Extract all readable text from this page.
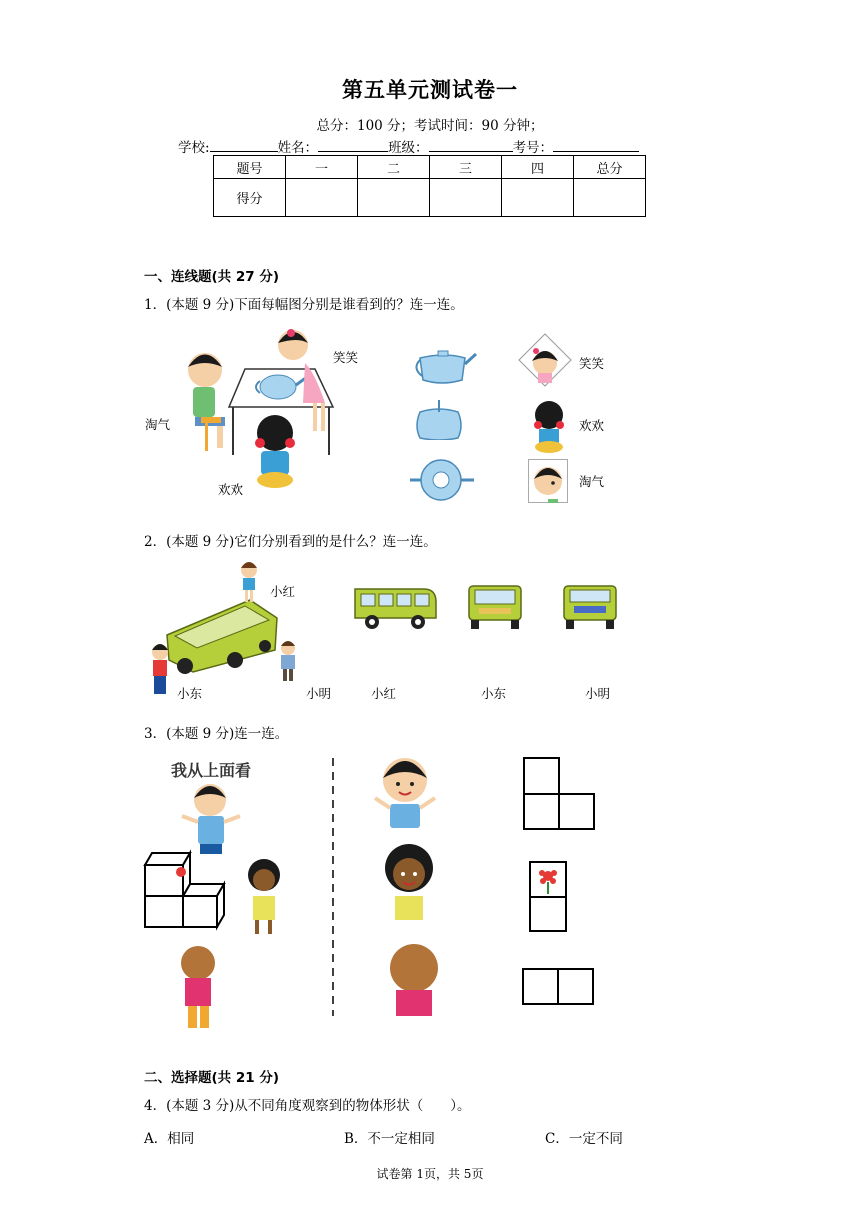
第五单元测试卷一
总分：100 分；考试时间：90 分钟；
学校:	姓名：	班级：	考号：
题号	一	二	三	四	总分
得分					
一、连线题(共 27 分)
1．(本题 9 分)下面每幅图分别是谁看到的？连一连。
笑笑
淘气
欢欢
笑笑
欢欢
淘气
2．(本题 9 分)它们分别看到的是什么？连一连。
小红
小东	小明	小红	小东	小明
3．(本题 9 分)连一连。
我从上面看
二、选择题(共 21 分)
4．(本题 3 分)从不同角度观察到的物体形状（　　）。
A．相同	B．不一定相同	C．一定不同
试卷第 1页，共 5页
